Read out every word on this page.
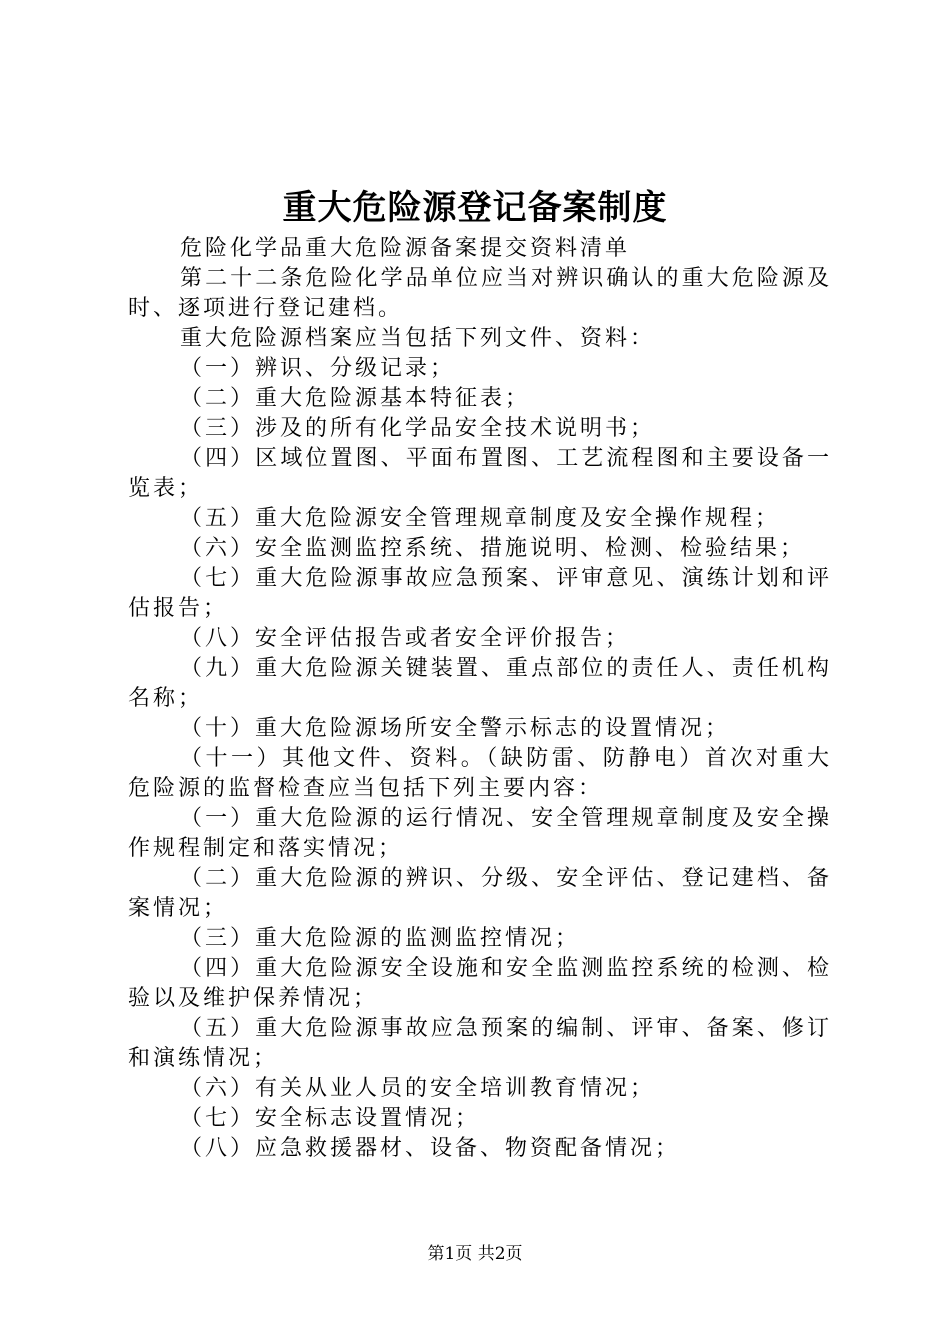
重大危险源登记备案制度

危险化学品重大危险源备案提交资料清单

第二十二条危险化学品单位应当对辨识确认的重大危险源及时、逐项进行登记建档。

重大危险源档案应当包括下列文件、资料：

（一）辨识、分级记录；

（二）重大危险源基本特征表；

（三）涉及的所有化学品安全技术说明书；

（四）区域位置图、平面布置图、工艺流程图和主要设备一览表；

（五）重大危险源安全管理规章制度及安全操作规程；

（六）安全监测监控系统、措施说明、检测、检验结果；

（七）重大危险源事故应急预案、评审意见、演练计划和评估报告；

（八）安全评估报告或者安全评价报告；

（九）重大危险源关键装置、重点部位的责任人、责任机构名称；

（十）重大危险源场所安全警示标志的设置情况；

（十一）其他文件、资料。（缺防雷、防静电）首次对重大危险源的监督检查应当包括下列主要内容：

（一）重大危险源的运行情况、安全管理规章制度及安全操作规程制定和落实情况；

（二）重大危险源的辨识、分级、安全评估、登记建档、备案情况；

（三）重大危险源的监测监控情况；

（四）重大危险源安全设施和安全监测监控系统的检测、检验以及维护保养情况；

（五）重大危险源事故应急预案的编制、评审、备案、修订和演练情况；

（六）有关从业人员的安全培训教育情况；

（七）安全标志设置情况；

（八）应急救援器材、设备、物资配备情况；

第1页 共2页
